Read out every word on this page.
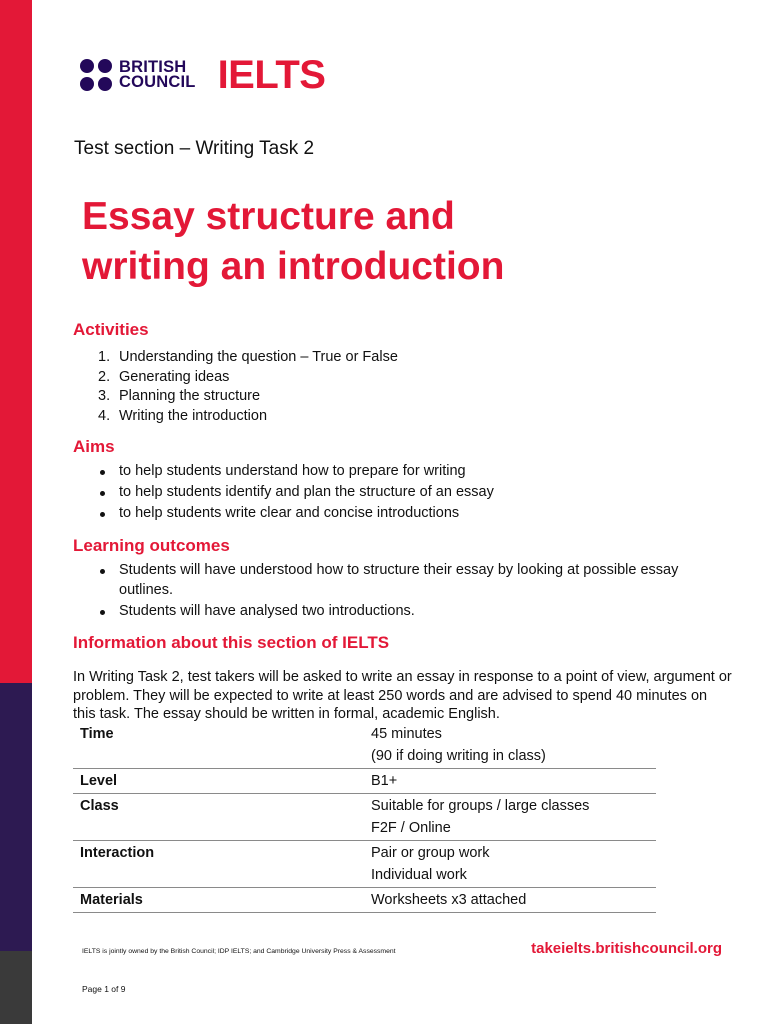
BRITISH
COUNCIL IELTS
Test section – Writing Task 2
Essay structure and
writing an introduction
Activities
1. Understanding the question – True or False
2. Generating ideas
3. Planning the structure
4. Writing the introduction
Aims
to help students understand how to prepare for writing
to help students identify and plan the structure of an essay
to help students write clear and concise introductions
Learning outcomes
Students will have understood how to structure their essay by looking at possible essay outlines.
Students will have analysed two introductions.
Information about this section of IELTS

In Writing Task 2, test takers will be asked to write an essay in response to a point of view, argument or problem. They will be expected to write at least 250 words and are advised to spend 40 minutes on this task. The essay should be written in formal, academic English.

Time	45 minutes
(90 if doing writing in class)

Level	B1+

Class	Suitable for groups / large classes
F2F / Online

Interaction	Pair or group work
Individual work

Materials	Worksheets x3 attached
IELTS is jointly owned by the British Council; IDP IELTS; and Cambridge University Press & Assessment	takeielts.britishcouncil.org
Page 1 of 9
